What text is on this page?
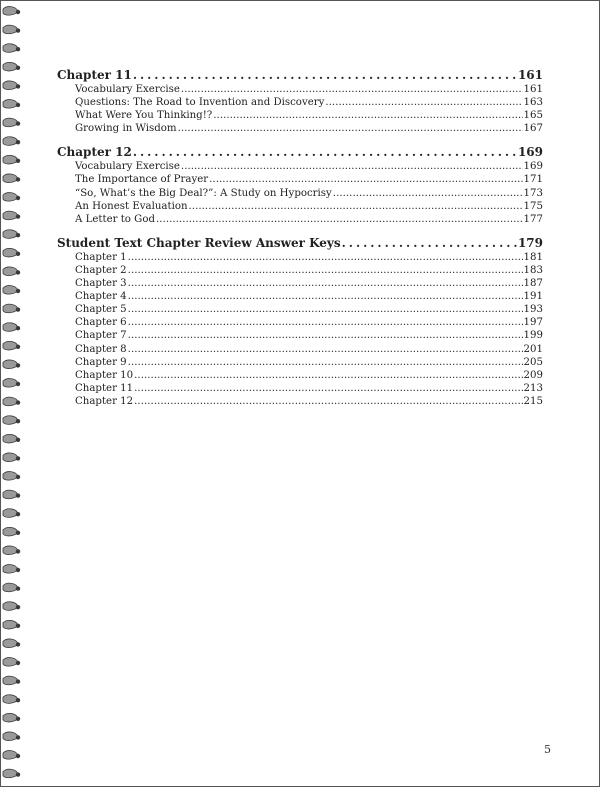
Chapter 11 . . .	161
Vocabulary Exercise . . .	161
Questions: The Road to Invention and Discovery . . .	163
What Were You Thinking!? . . .	165
Growing in Wisdom . . .	167
Chapter 12 . . .	169
Vocabulary Exercise . . .	169
The Importance of Prayer . . .	171
“So, What’s the Big Deal?”: A Study on Hypocrisy . . .	173
An Honest Evaluation . . .	175
A Letter to God . . .	177
Student Text Chapter Review Answer Keys . . .	179
Chapter 1 . . .	181
Chapter 2 . . .	183
Chapter 3 . . .	187
Chapter 4 . . .	191
Chapter 5 . . .	193
Chapter 6 . . .	197
Chapter 7 . . .	199
Chapter 8 . . .	201
Chapter 9 . . .	205
Chapter 10 . . .	209
Chapter 11 . . .	213
Chapter 12 . . .	215
5
